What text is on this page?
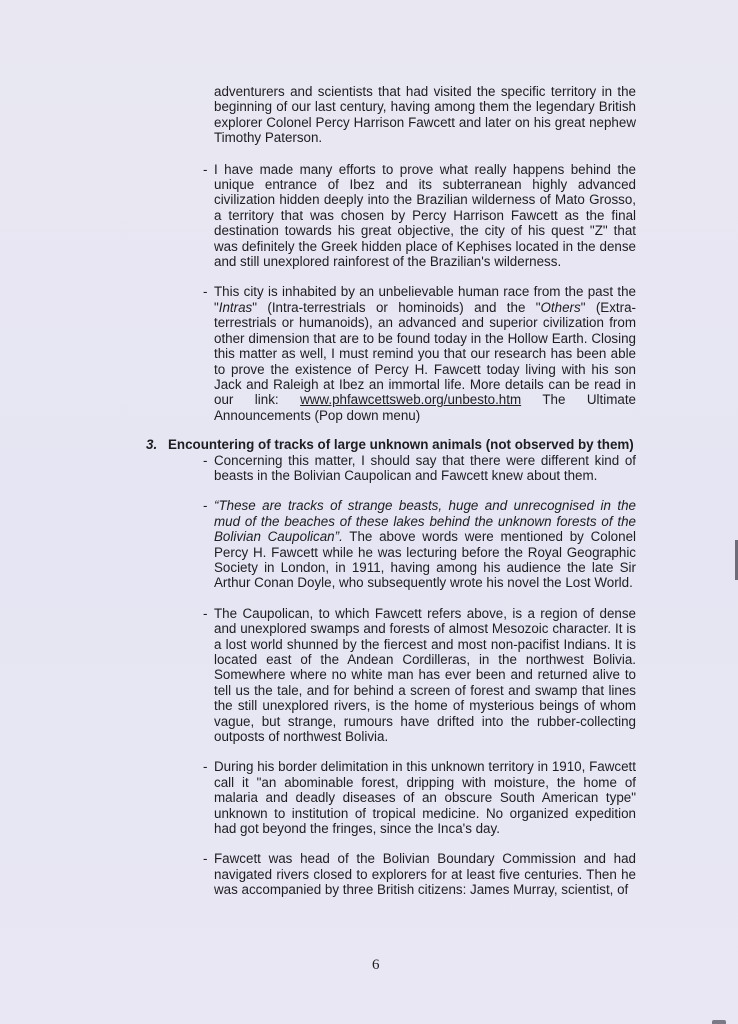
adventurers and scientists that had visited the specific territory in the beginning of our last century, having among them the legendary British explorer Colonel Percy Harrison Fawcett and later on his great nephew Timothy Paterson.
- I have made many efforts to prove what really happens behind the unique entrance of Ibez and its subterranean highly advanced civilization hidden deeply into the Brazilian wilderness of Mato Grosso, a territory that was chosen by Percy Harrison Fawcett as the final destination towards his great objective, the city of his quest "Z" that was definitely the Greek hidden place of Kephises located in the dense and still unexplored rainforest of the Brazilian's wilderness.
- This city is inhabited by an unbelievable human race from the past the "Intras" (Intra-terrestrials or hominoids) and the "Others" (Extra-terrestrials or humanoids), an advanced and superior civilization from other dimension that are to be found today in the Hollow Earth. Closing this matter as well, I must remind you that our research has been able to prove the existence of Percy H. Fawcett today living with his son Jack and Raleigh at Ibez an immortal life. More details can be read in our link: www.phfawcettsweb.org/unbesto.htm The Ultimate Announcements (Pop down menu)
3. Encountering of tracks of large unknown animals (not observed by them)
- Concerning this matter, I should say that there were different kind of beasts in the Bolivian Caupolican and Fawcett knew about them.
- “These are tracks of strange beasts, huge and unrecognised in the mud of the beaches of these lakes behind the unknown forests of the Bolivian Caupolican”. The above words were mentioned by Colonel Percy H. Fawcett while he was lecturing before the Royal Geographic Society in London, in 1911, having among his audience the late Sir Arthur Conan Doyle, who subsequently wrote his novel the Lost World.
- The Caupolican, to which Fawcett refers above, is a region of dense and unexplored swamps and forests of almost Mesozoic character. It is a lost world shunned by the fiercest and most non-pacifist Indians. It is located east of the Andean Cordilleras, in the northwest Bolivia. Somewhere where no white man has ever been and returned alive to tell us the tale, and for behind a screen of forest and swamp that lines the still unexplored rivers, is the home of mysterious beings of whom vague, but strange, rumours have drifted into the rubber-collecting outposts of northwest Bolivia.
- During his border delimitation in this unknown territory in 1910, Fawcett call it "an abominable forest, dripping with moisture, the home of malaria and deadly diseases of an obscure South American type" unknown to institution of tropical medicine. No organized expedition had got beyond the fringes, since the Inca's day.
- Fawcett was head of the Bolivian Boundary Commission and had navigated rivers closed to explorers for at least five centuries. Then he was accompanied by three British citizens: James Murray, scientist, of
6
